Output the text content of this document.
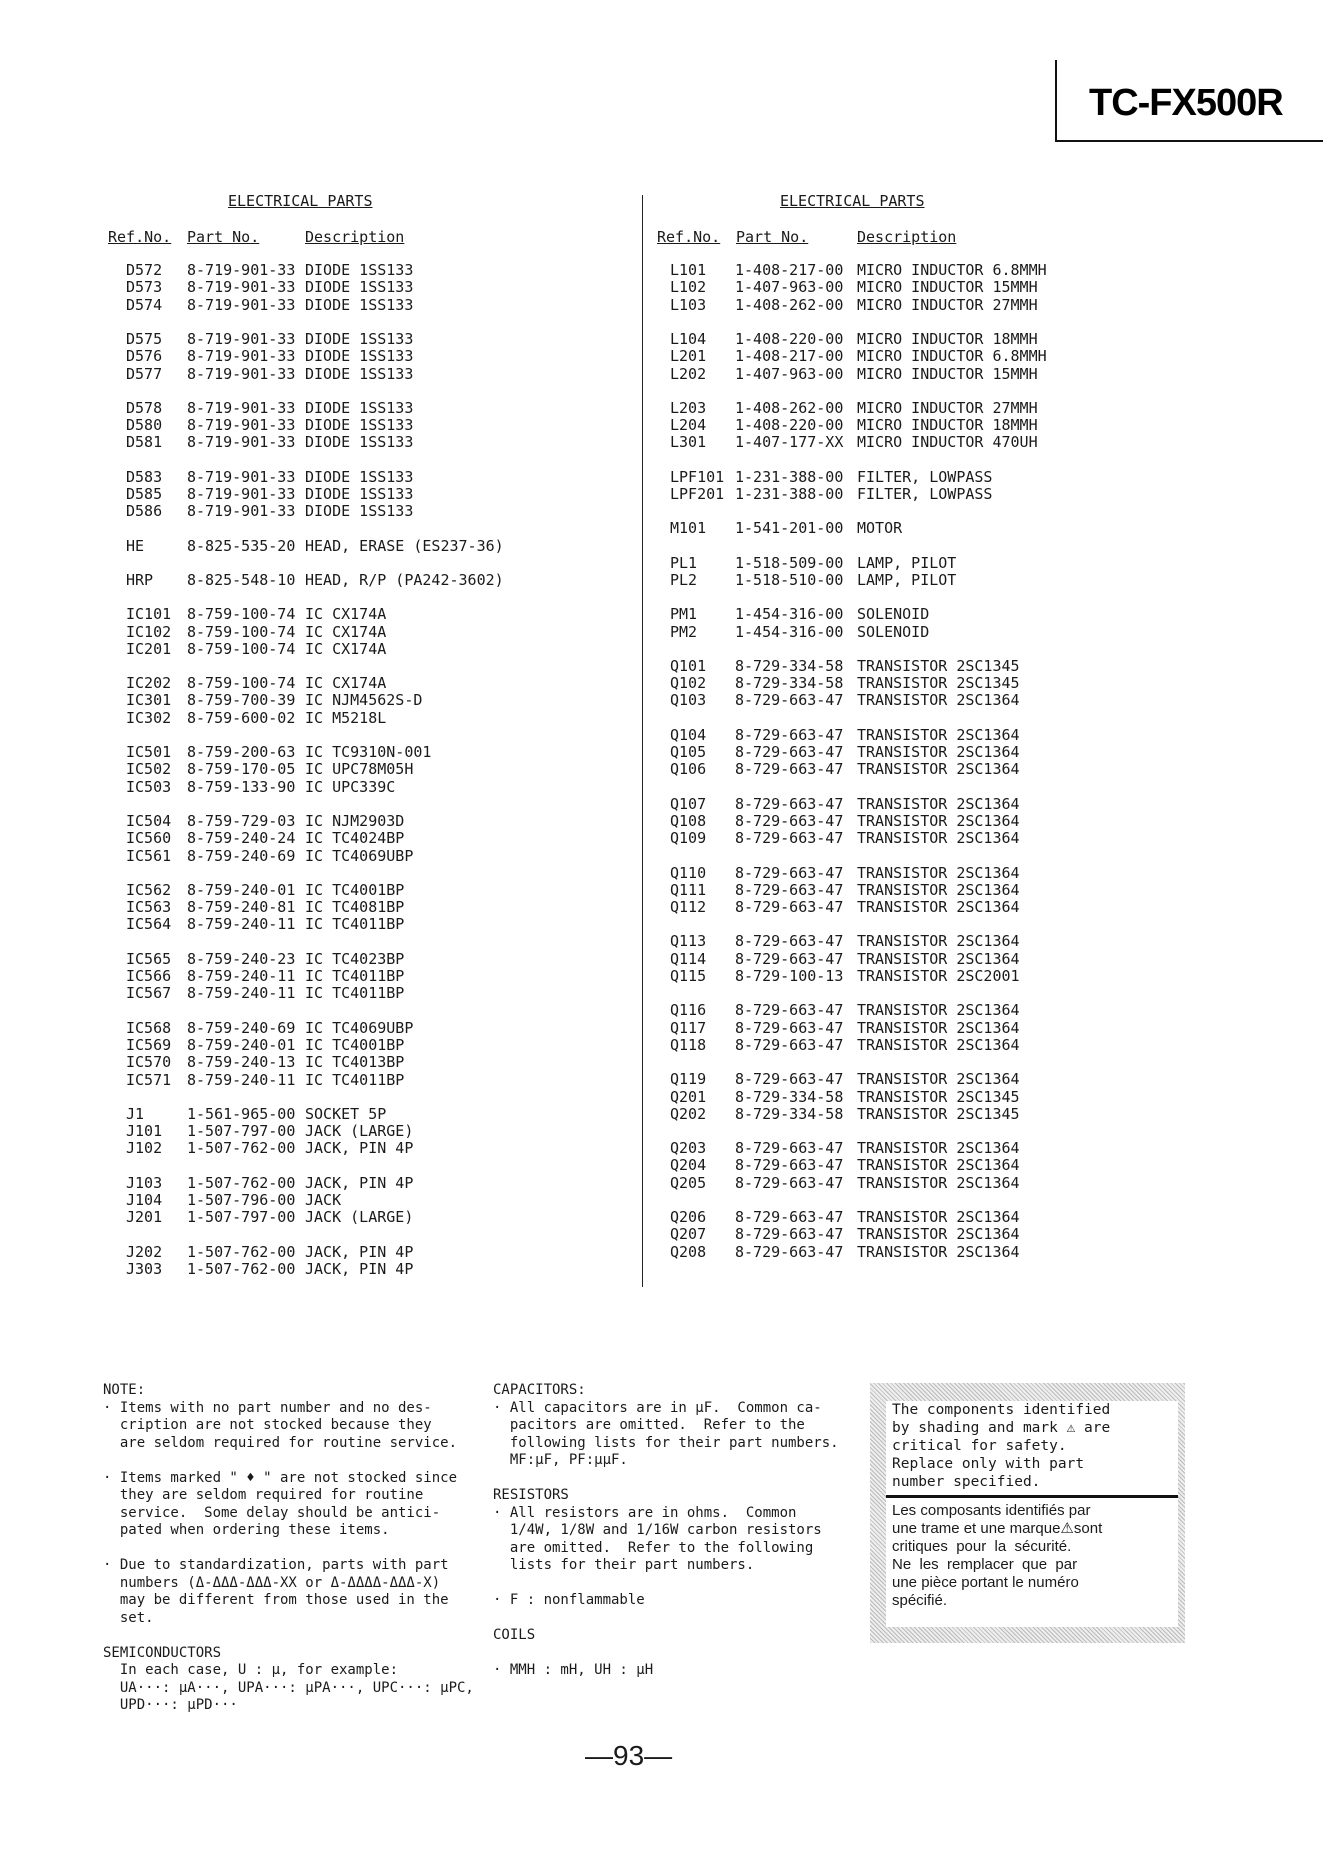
TC-FX500R
ELECTRICAL PARTS
Ref.No. Part No.	Description
D572 8-719-901-33 DIODE 1SS133
D573 8-719-901-33 DIODE 1SS133
D574 8-719-901-33 DIODE 1SS133
D575 8-719-901-33 DIODE 1SS133
D576 8-719-901-33 DIODE 1SS133
D577 8-719-901-33 DIODE 1SS133
D578 8-719-901-33 DIODE 1SS133
D580 8-719-901-33 DIODE 1SS133
D581 8-719-901-33 DIODE 1SS133
D583 8-719-901-33 DIODE 1SS133
D585 8-719-901-33 DIODE 1SS133
D586 8-719-901-33 DIODE 1SS133
HE	8-825-535-20 HEAD, ERASE (ES237-36)
HRP 8-825-548-10 HEAD, R/P (PA242-3602)
IC101 8-759-100-74 IC CX174A
IC102 8-759-100-74 IC CX174A
IC201 8-759-100-74 IC CX174A
IC202 8-759-100-74 IC CX174A
IC301 8-759-700-39 IC NJM4562S-D
IC302 8-759-600-02 IC M5218L
IC501 8-759-200-63 IC TC9310N-001
IC502 8-759-170-05 IC UPC78M05H
IC503 8-759-133-90 IC UPC339C
IC504 8-759-729-03 IC NJM2903D
IC560 8-759-240-24 IC TC4024BP
IC561 8-759-240-69 IC TC4069UBP
IC562 8-759-240-01 IC TC4001BP
IC563 8-759-240-81 IC TC4081BP
IC564 8-759-240-11 IC TC4011BP
IC565 8-759-240-23 IC TC4023BP
IC566 8-759-240-11 IC TC4011BP
IC567 8-759-240-11 IC TC4011BP
IC568 8-759-240-69 IC TC4069UBP
IC569 8-759-240-01 IC TC4001BP
IC570 8-759-240-13 IC TC4013BP
IC571 8-759-240-11 IC TC4011BP
J1	1-561-965-00 SOCKET 5P
J101 1-507-797-00 JACK (LARGE)
J102 1-507-762-00 JACK, PIN 4P
J103 1-507-762-00 JACK, PIN 4P
J104 1-507-796-00 JACK
J201 1-507-797-00 JACK (LARGE)
J202 1-507-762-00 JACK, PIN 4P
J303 1-507-762-00 JACK, PIN 4P
ELECTRICAL PARTS
Ref.No. Part No.	Description
L101 1-408-217-00 MICRO INDUCTOR 6.8MMH
L102 1-407-963-00 MICRO INDUCTOR 15MMH
L103 1-408-262-00 MICRO INDUCTOR 27MMH
L104 1-408-220-00 MICRO INDUCTOR 18MMH
L201 1-408-217-00 MICRO INDUCTOR 6.8MMH
L202 1-407-963-00 MICRO INDUCTOR 15MMH
L203 1-408-262-00 MICRO INDUCTOR 27MMH
L204 1-408-220-00 MICRO INDUCTOR 18MMH
L301 1-407-177-XX MICRO INDUCTOR 470UH
LPF101 1-231-388-00 FILTER, LOWPASS
LPF201 1-231-388-00 FILTER, LOWPASS
M101 1-541-201-00 MOTOR
PL1	1-518-509-00 LAMP, PILOT
PL2	1-518-510-00 LAMP, PILOT
PM1	1-454-316-00 SOLENOID
PM2	1-454-316-00 SOLENOID
Q101 8-729-334-58 TRANSISTOR 2SC1345
Q102 8-729-334-58 TRANSISTOR 2SC1345
Q103 8-729-663-47 TRANSISTOR 2SC1364
Q104 8-729-663-47 TRANSISTOR 2SC1364
Q105 8-729-663-47 TRANSISTOR 2SC1364
Q106 8-729-663-47 TRANSISTOR 2SC1364
Q107 8-729-663-47 TRANSISTOR 2SC1364
Q108 8-729-663-47 TRANSISTOR 2SC1364
Q109 8-729-663-47 TRANSISTOR 2SC1364
Q110 8-729-663-47 TRANSISTOR 2SC1364
Q111 8-729-663-47 TRANSISTOR 2SC1364
Q112 8-729-663-47 TRANSISTOR 2SC1364
Q113 8-729-663-47 TRANSISTOR 2SC1364
Q114 8-729-663-47 TRANSISTOR 2SC1364
Q115 8-729-100-13 TRANSISTOR 2SC2001
Q116 8-729-663-47 TRANSISTOR 2SC1364
Q117 8-729-663-47 TRANSISTOR 2SC1364
Q118 8-729-663-47 TRANSISTOR 2SC1364
Q119 8-729-663-47 TRANSISTOR 2SC1364
Q201 8-729-334-58 TRANSISTOR 2SC1345
Q202 8-729-334-58 TRANSISTOR 2SC1345
Q203 8-729-663-47 TRANSISTOR 2SC1364
Q204 8-729-663-47 TRANSISTOR 2SC1364
Q205 8-729-663-47 TRANSISTOR 2SC1364
Q206 8-729-663-47 TRANSISTOR 2SC1364
Q207 8-729-663-47 TRANSISTOR 2SC1364
Q208 8-729-663-47 TRANSISTOR 2SC1364
NOTE:
· Items with no part number and no des-
cription are not stocked because they
are seldom required for routine service.

· Items marked " ♦ " are not stocked since
they are seldom required for routine
service.  Some delay should be antici-
pated when ordering these items.

· Due to standardization, parts with part
numbers (Δ-ΔΔΔ-ΔΔΔ-XX or Δ-ΔΔΔΔ-ΔΔΔ-X)
may be different from those used in the
set.

SEMICONDUCTORS
In each case, U : μ, for example:
UA···: μA···, UPA···: μPA···, UPC···: μPC,
UPD···: μPD···
CAPACITORS:
· All capacitors are in μF.  Common ca-
pacitors are omitted.  Refer to the
following lists for their part numbers.
MF:μF, PF:μμF.

RESISTORS
· All resistors are in ohms.  Common
1/4W, 1/8W and 1/16W carbon resistors
are omitted.  Refer to the following
lists for their part numbers.

· F : nonflammable

COILS

· MMH : mH, UH : μH
The components identified
by shading and mark ⚠ are
critical for safety.
Replace only with part
number specified.
Les composants identifiés par
une trame et une marque⚠sont
critiques  pour  la  sécurité.
Ne  les  remplacer  que  par
une pièce portant le numéro
spécifié.
—93—
